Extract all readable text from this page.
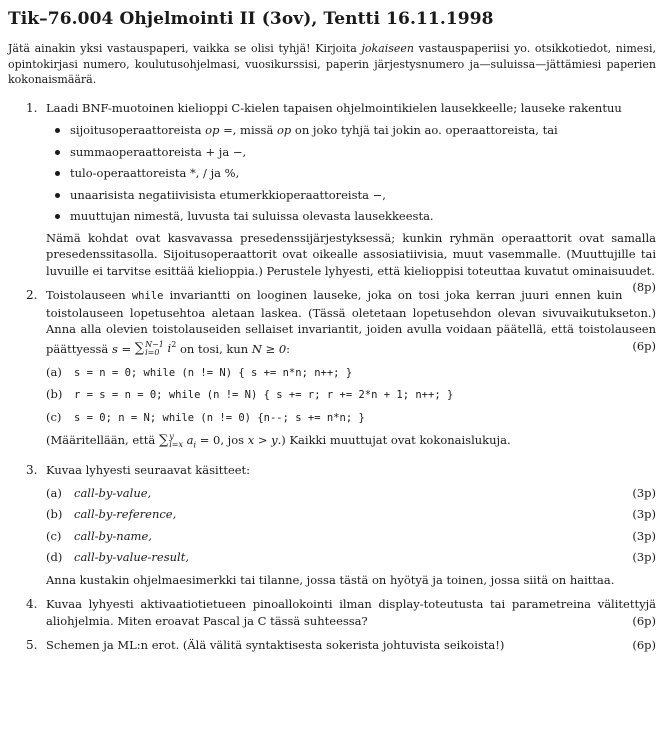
Tik–76.004 Ohjelmointi II (3ov), Tentti 16.11.1998

Jätä ainakin yksi vastauspaperi, vaikka se olisi tyhjä! Kirjoita jokaiseen vastauspaperiisi yo. otsikkotiedot, nimesi, opintokirjasi numero, koulutusohjelmasi, vuosikurssisi, paperin järjestysnumero ja—suluissa—jättämiesi paperien kokonaismäärä.

1. Laadi BNF-muotoinen kielioppi C-kielen tapaisen ohjelmointikielen lausekkeelle; lauseke rakentuu
sijoitusoperaattoreista op =, missä op on joko tyhjä tai jokin ao. operaattoreista, tai
summaoperaattoreista + ja −,
tulo-operaattoreista *, / ja %,
unaarisista negatiivisista etumerkkioperaattoreista −,
muuttujan nimestä, luvusta tai suluissa olevasta lausekkeesta.
Nämä kohdat ovat kasvavassa presedenssijärjestyksessä; kunkin ryhmän operaattorit ovat samalla presedenssitasolla. Sijoitusoperaattorit ovat oikealle assosiatiivisia, muut vasemmalle. (Muuttujille tai luvuille ei tarvitse esittää kielioppia.) Perustele lyhyesti, että kielioppisi toteuttaa kuvatut ominaisuudet.
(8p)
2. Toistolauseen while invariantti on looginen lauseke, joka on tosi joka kerran juuri ennen kuin toistolauseen lopetusehtoa aletaan laskea. (Tässä oletetaan lopetusehdon olevan sivuvaikutukseton.) Anna alla olevien toistolauseiden sellaiset invariantit, joiden avulla voidaan päätellä, että toistolauseen päättyessä s = ∑ N−1
i=0 $i^2$ on tosi, kun N ≥ 0:	(6p)
(a) s = n = 0; while (n != N) { s += n*n; n++; }
(b) r = s = n = 0; while (n != N) { s += r; r += 2*n + 1; n++; }
(c) s = 0; n = N; while (n != 0) {n--; s += n*n; }
(Määritellään, että ∑ y
i=x $a_i = 0$, jos x > y.) Kaikki muuttujat ovat kokonaislukuja.
3. Kuvaa lyhyesti seuraavat käsitteet:
(a) call-by-value,	(3p)
(b) call-by-reference,	(3p)
(c) call-by-name,	(3p)
(d) call-by-value-result,	(3p)
Anna kustakin ohjelmaesimerkki tai tilanne, jossa tästä on hyötyä ja toinen, jossa siitä on haittaa.
4. Kuvaa lyhyesti aktivaatiotietueen pinoallokointi ilman display-toteutusta tai parametreina välitettyjä aliohjelmia. Miten eroavat Pascal ja C tässä suhteessa?	(6p)
5. Schemen ja ML:n erot. (Älä välitä syntaktisesta sokerista johtuvista seikoista!)	(6p)
